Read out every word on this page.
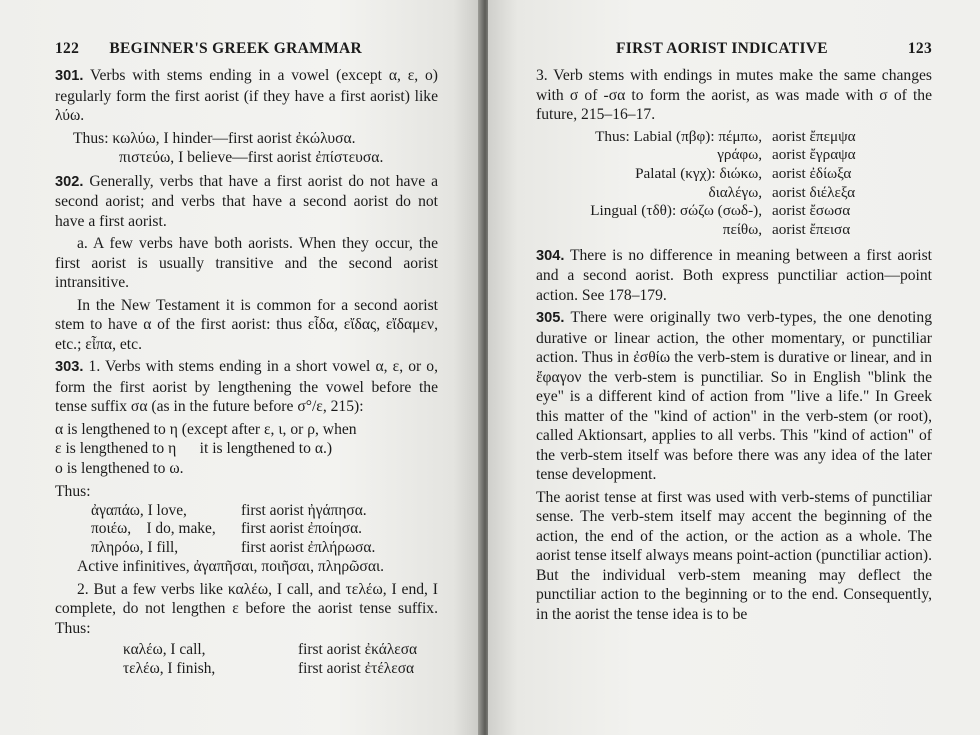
122 BEGINNER'S GREEK GRAMMAR

301. Verbs with stems ending in a vowel (except α, ε, ο) regularly form the first aorist (if they have a first aorist) like λύω.

Thus: κωλύω, I hinder—first aorist ἐκώλυσα.
πιστεύω, I believe—first aorist ἐπίστευσα.

302. Generally, verbs that have a first aorist do not have a second aorist; and verbs that have a second aorist do not have a first aorist.

a. A few verbs have both aorists. When they occur, the first aorist is usually transitive and the second aorist intransitive.

In the New Testament it is common for a second aorist stem to have α of the first aorist: thus εἶδα, εἴδας, εἴδαμεν, etc.; εἶπα, etc.

303. 1. Verbs with stems ending in a short vowel α, ε, or ο, form the first aorist by lengthening the vowel before the tense suffix σα (as in the future before σ°/ε, 215):

α is lengthened to η (except after ε, ι, or ρ, when
ε is lengthened to η      it is lengthened to α.)
ο is lengthened to ω.
Thus:
ἀγαπάω, I love,	first aorist ἠγάπησα.
ποιέω,    I do, make,	first aorist ἐποίησα.
πληρόω, I fill,	first aorist ἐπλήρωσα.

Active infinitives, ἀγαπῆσαι, ποιῆσαι, πληρῶσαι.

2. But a few verbs like καλέω, I call, and τελέω, I end, I complete, do not lengthen ε before the aorist tense suffix. Thus:

καλέω, I call,	first aorist ἐκάλεσα
τελέω, I finish,	first aorist ἐτέλεσα
FIRST AORIST INDICATIVE	123

3. Verb stems with endings in mutes make the same changes with σ of -σα to form the aorist, as was made with σ of the future, 215–16–17.

Thus: Labial (πβφ): πέμπω, aorist ἔπεμψα
γράφω, aorist ἔγραψα
Palatal (κγχ): διώκω, aorist ἐδίωξα
διαλέγω, aorist διέλεξα
Lingual (τδθ): σώζω (σωδ-), aorist ἔσωσα
πείθω, aorist ἔπεισα

304. There is no difference in meaning between a first aorist and a second aorist. Both express punctiliar action—point action. See 178–179.

305. There were originally two verb-types, the one denoting durative or linear action, the other momentary, or punctiliar action. Thus in ἐσθίω the verb-stem is durative or linear, and in ἔφαγον the verb-stem is punctiliar. So in English "blink the eye" is a different kind of action from "live a life." In Greek this matter of the "kind of action" in the verb-stem (or root), called Aktionsart, applies to all verbs. This "kind of action" of the verb-stem itself was before there was any idea of the later tense development.

The aorist tense at first was used with verb-stems of punctiliar sense. The verb-stem itself may accent the beginning of the action, the end of the action, or the action as a whole. The aorist tense itself always means point-action (punctiliar action). But the individual verb-stem meaning may deflect the punctiliar action to the beginning or to the end. Consequently, in the aorist the tense idea is to be
